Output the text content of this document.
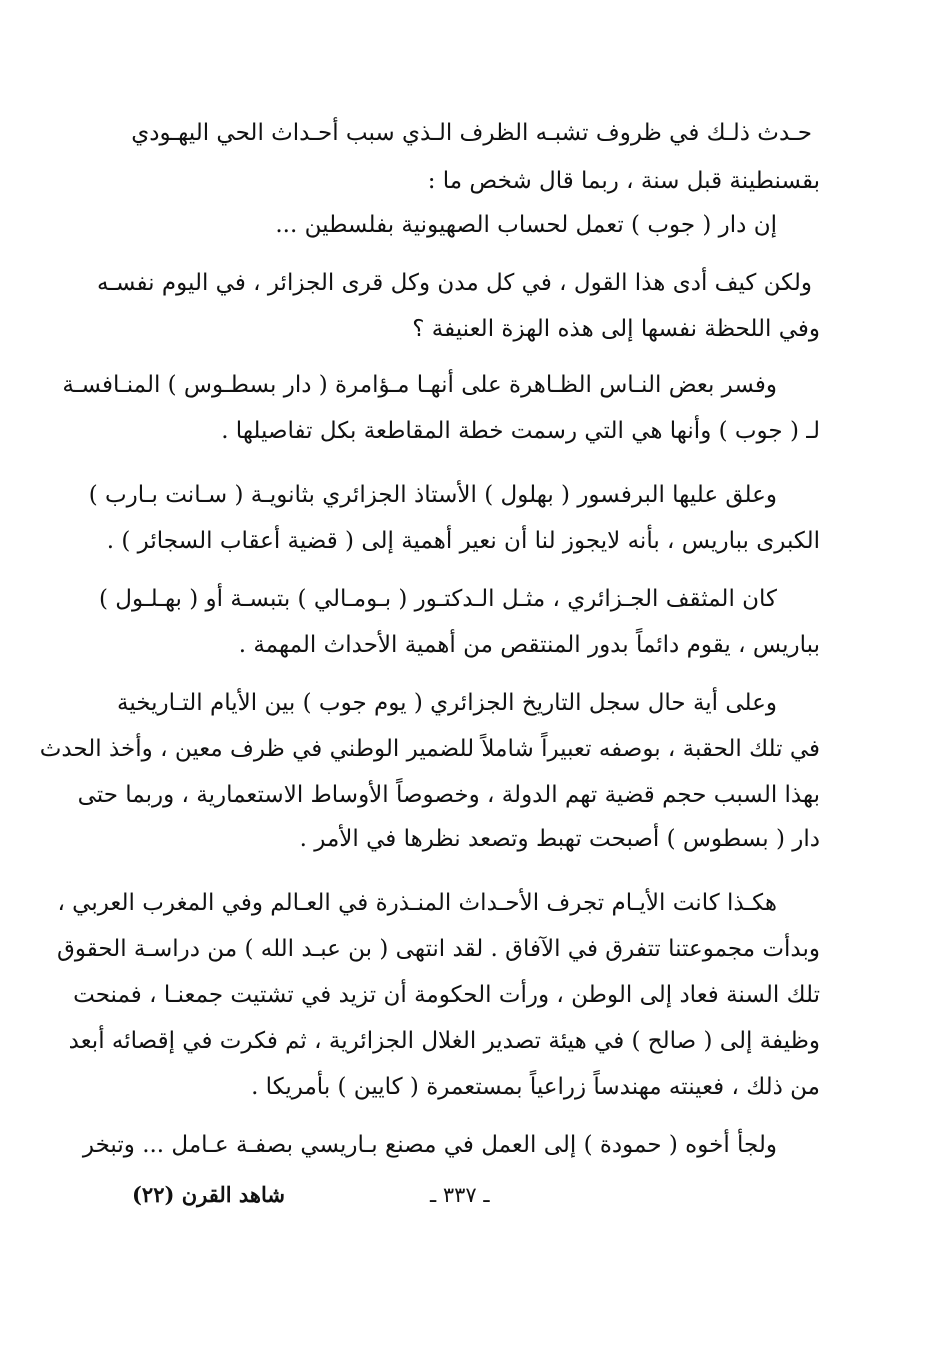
حـدث ذلـك في ظروف تشبـه الظرف الـذي سبب أحـداث الحي اليهـودي
بقسنطينة قبل سنة ، ربما قال شخص ما :
إن دار ( جوب ) تعمل لحساب الصهيونية بفلسطين ...
ولكن كيف أدى هذا القول ، في كل مدن وكل قرى الجزائر ، في اليوم نفسـه
وفي اللحظة نفسها إلى هذه الهزة العنيفة ؟
وفسر بعض النـاس الظـاهرة على أنهـا مـؤامرة ( دار بسطـوس ) المنـافسـة
لـ ( جوب ) وأنها هي التي رسمت خطة المقاطعة بكل تفاصيلها .
وعلق عليها البرفسور ( بهلول ) الأستاذ الجزائري بثانويـة ( سـانت بـارب )
الكبرى بباريس ، بأنه لايجوز لنا أن نعير أهمية إلى ( قضية أعقاب السجائر ) .
كان المثقف الجـزائري ، مثـل الـدكتـور ( بـومـالي ) بتبسـة أو ( بهـلـول )
بباريس ، يقوم دائماً بدور المنتقص من أهمية الأحداث المهمة .
وعلى أية حال سجل التاريخ الجزائري ( يوم جوب ) بين الأيام التـاريخية
في تلك الحقبة ، بوصفه تعبيراً شاملاً للضمير الوطني في ظرف معين ، وأخذ الحدث
بهذا السبب حجم قضية تهم الدولة ، وخصوصاً الأوساط الاستعمارية ، وربما حتى
دار ( بسطوس ) أصبحت تهبط وتصعد نظرها في الأمر .
هكـذا كانت الأيـام تجرف الأحـداث المنـذرة في العـالم وفي المغرب العربي ،
وبدأت مجموعتنا تتفرق في الآفاق . لقد انتهى ( بن عبـد الله ) من دراسـة الحقوق
تلك السنة فعاد إلى الوطن ، ورأت الحكومة أن تزيد في تشتيت جمعنـا ، فمنحت
وظيفة إلى ( صالح ) في هيئة تصدير الغلال الجزائرية ، ثم فكرت في إقصائه أبعد
من ذلك ، فعينته مهندساً زراعياً بمستعمرة ( كايين ) بأمريكا .
ولجأ أخوه ( حمودة ) إلى العمل في مصنع بـاريسي بصفـة عـامل ... وتبخر
شاهد القرن (٢٢)	ـ ٣٣٧ ـ
